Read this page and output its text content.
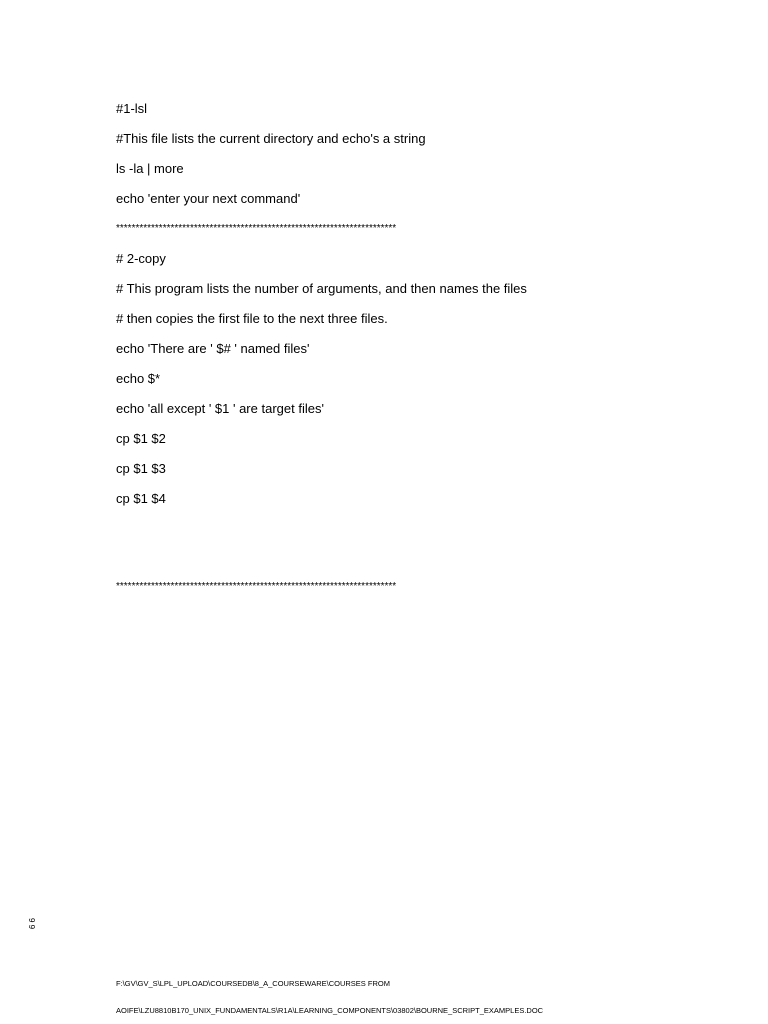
#1-lsl
#This file lists the current directory and echo's a string
ls -la | more
echo 'enter your next command'
************************************************************************
# 2-copy
# This program lists the number of arguments, and then names the files
# then copies the first file to the next three files.
echo 'There are ' $# ' named files'
echo $*
echo 'all except ' $1 ' are target files'
cp $1 $2
cp $1 $3
cp $1 $4
************************************************************************
9 9

F:\GV\GV_S\LPL_UPLOAD\COURSEDB\8_A_COURSEWARE\COURSES FROM

AOIFE\LZU8810B170_UNIX_FUNDAMENTALS\R1A\LEARNING_COMPONENTS\03802\BOURNE_SCRIPT_EXAMPLES.DOC
